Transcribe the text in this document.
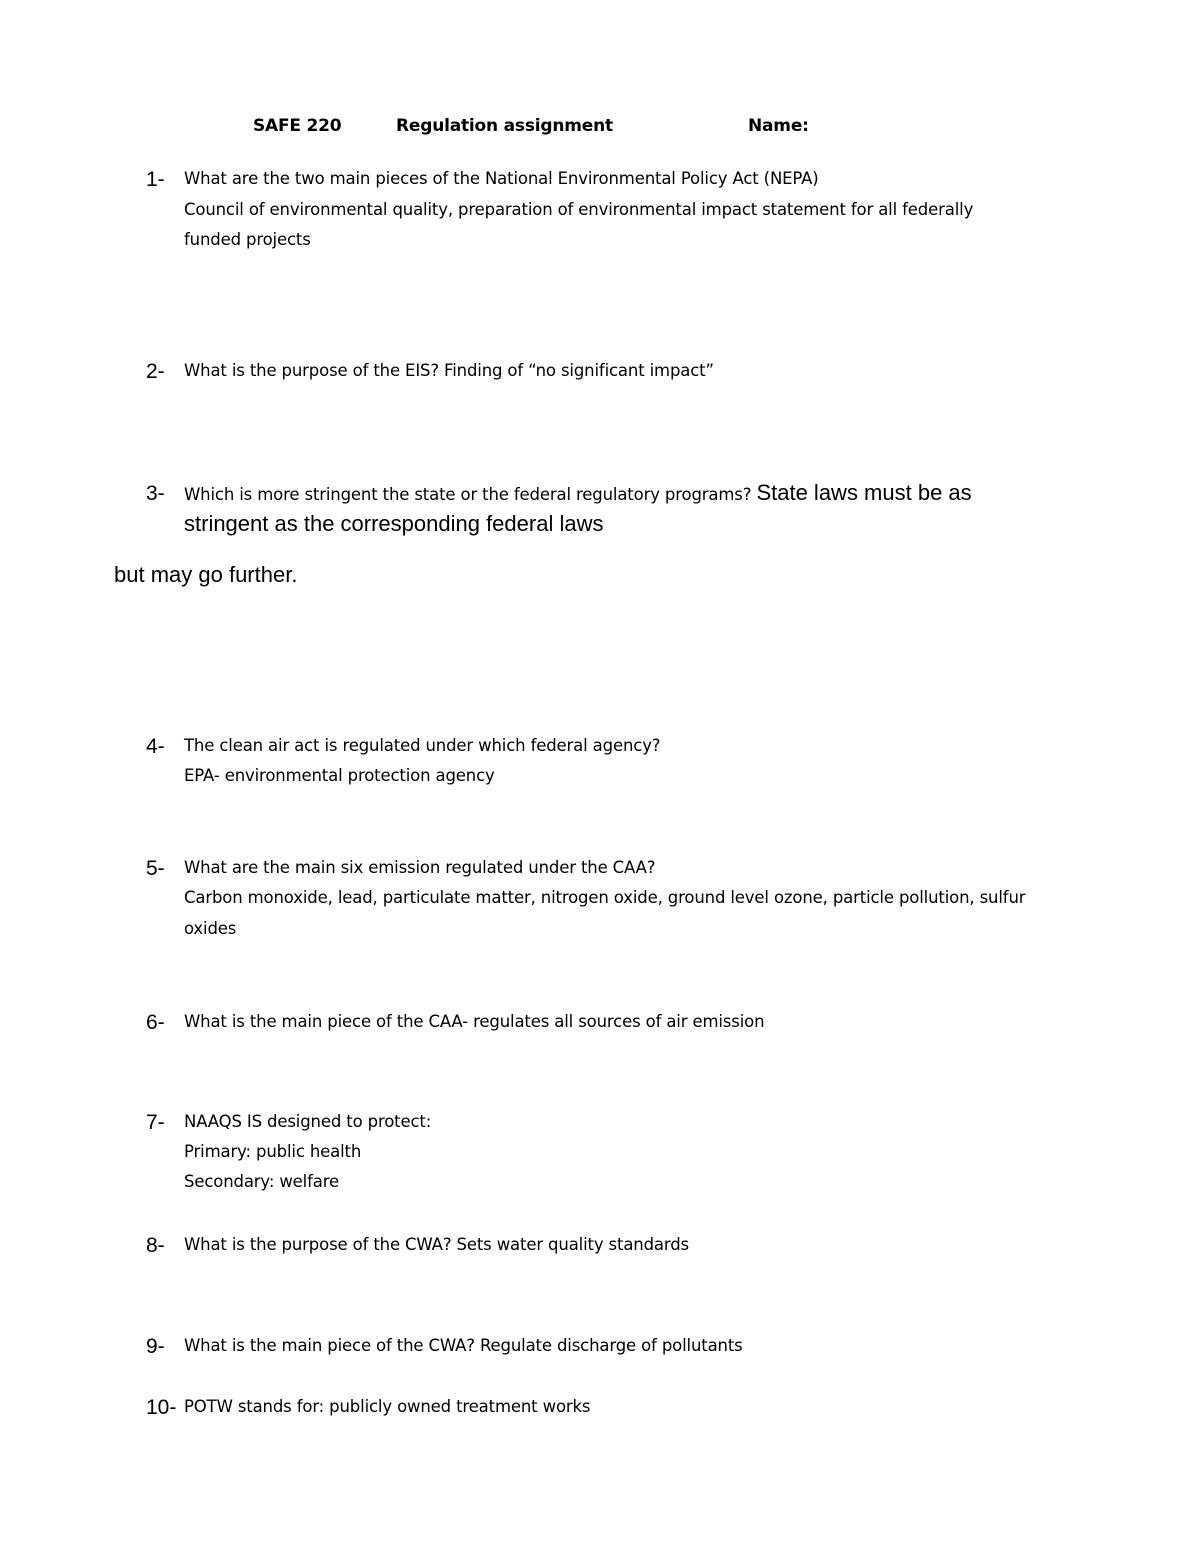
SAFE 220	Regulation assignment	Name:
1- What are the two main pieces of the National Environmental Policy Act (NEPA)
Council of environmental quality, preparation of environmental impact statement for all federally
funded projects
2- What is the purpose of the EIS? Finding of “no significant impact”
3- Which is more stringent the state or the federal regulatory programs? State laws must be as
stringent as the corresponding federal laws
but may go further.
4- The clean air act is regulated under which federal agency?
EPA- environmental protection agency
5- What are the main six emission regulated under the CAA?
Carbon monoxide, lead, particulate matter, nitrogen oxide, ground level ozone, particle pollution, sulfur
oxides
6- What is the main piece of the CAA- regulates all sources of air emission
7- NAAQS IS designed to protect:
Primary: public health
Secondary: welfare
8- What is the purpose of the CWA? Sets water quality standards
9- What is the main piece of the CWA? Regulate discharge of pollutants
10- POTW stands for: publicly owned treatment works
